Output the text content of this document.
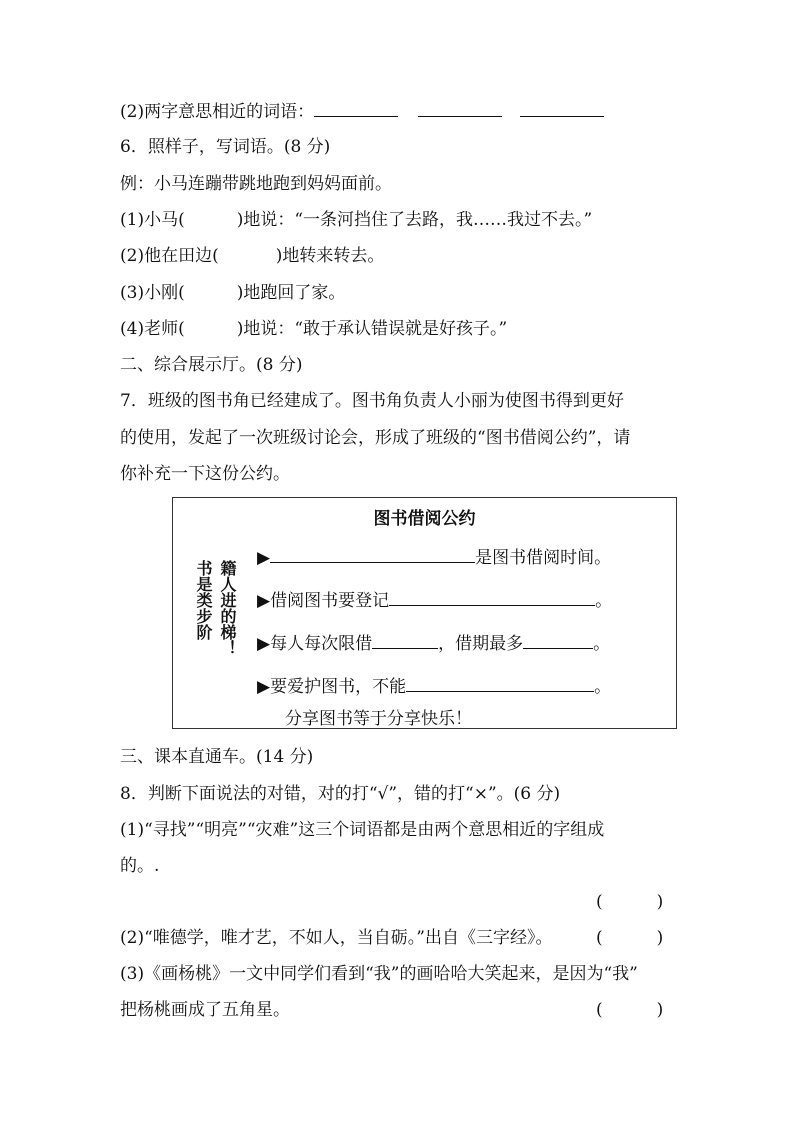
(2)两字意思相近的词语：
6．照样子，写词语。(8 分)
例：小马连蹦带跳地跑到妈妈面前。
(1)小马(	)地说：“一条河挡住了去路，我……我过不去。”
(2)他在田边(	)地转来转去。
(3)小刚(	)地跑回了家。
(4)老师(	)地说：“敢于承认错误就是好孩子。”
二、综合展示厅。(8 分)
7．班级的图书角已经建成了。图书角负责人小丽为使图书得到更好
的使用，发起了一次班级讨论会，形成了班级的“图书借阅公约”，请
你补充一下这份公约。
图书借阅公约
籍人进的梯！
书是类步阶
▶	是图书借阅时间。
▶借阅图书要登记	。
▶每人每次限借	，借期最多	。
▶要爱护图书，不能	。
分享图书等于分享快乐！
三、课本直通车。(14 分)
8．判断下面说法的对错，对的打“√”，错的打“×”。(6 分)
(1)“寻找”“明亮”“灾难”这三个词语都是由两个意思相近的字组成
的。.
(	)
(2)“唯德学，唯才艺，不如人，当自砺。”出自《三字经》。	(	)
(3)《画杨桃》一文中同学们看到“我”的画哈哈大笑起来，是因为“我”
把杨桃画成了五角星。	(	)
